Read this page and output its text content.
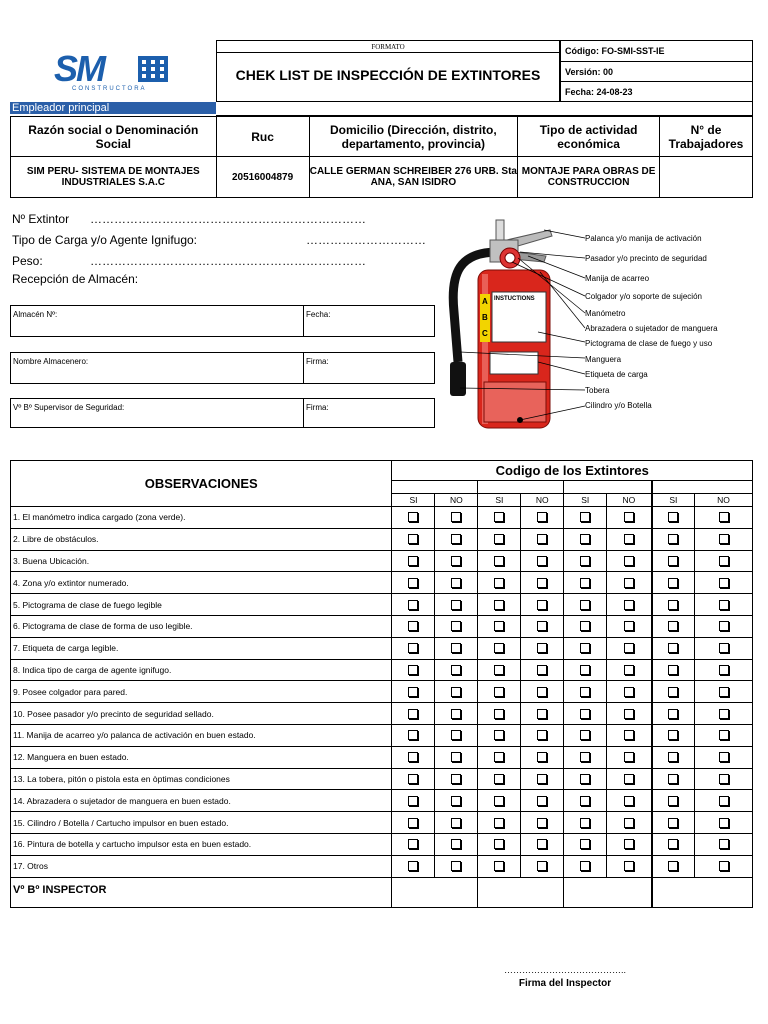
SM
CONSTRUCTORA
FORMATO
CHEK LIST DE INSPECCIÓN DE EXTINTORES
Código: FO-SMI-SST-IE
Versión: 00
Fecha: 24-08-23
Empleador principal
Razón social o Denominación Social	Ruc	Domicilio (Dirección, distrito, departamento, provincia)	Tipo de actividad económica	N° de Trabajadores
SIM PERU- SISTEMA DE MONTAJES INDUSTRIALES S.A.C	20516004879	CALLE GERMAN SCHREIBER 276 URB. Sta ANA, SAN ISIDRO	MONTAJE PARA OBRAS DE CONSTRUCCION	
Nº Extintor ……………………………………………………………
Tipo de Carga y/o Agente Ignifugo:	…………………………
Peso:	……………………………………………………………
Recepción de Almacén:
Almacén Nº:	Fecha:
Nombre Almacenero:	Firma:
Vº Bº Supervisor de Seguridad:	Firma:
INSTUCTIONS
A
B
C
Palanca y/o manija de activación
Pasador y/o precinto de seguridad
Manija de acarreo
Colgador y/o soporte de sujeción
Manómetro
Abrazadera o sujetador de manguera
Pictograma de clase de fuego y uso
Manguera
Etiqueta de carga
Tobera
Cilindro y/o Botella
OBSERVACIONES	Codigo de los Extintores							

	SI	NO	SI	NO	SI	NO	SI	NO
1. El manómetro indica cargado (zona verde).								
2. Libre de obstáculos.								
3. Buena Ubicación.								
4. Zona y/o extintor numerado.								
5. Pictograma de clase de fuego legible								
6. Pictograma de clase de forma de uso legible.								
7. Etiqueta de carga legible.								
8. Indica tipo de carga de agente ignifugo.								
9. Posee colgador para pared.								
10. Posee pasador y/o precinto de seguridad sellado.								
11. Manija de acarreo y/o palanca de activación en buen estado.								
12. Manguera en buen estado.								
13. La tobera, pitón o pistola esta en òptimas condiciones								
14. Abrazadera o sujetador de manguera en buen estado.								
15. Cilindro / Botella / Cartucho impulsor en buen estado.								
16. Pintura de botella y cartucho impulsor esta en buen estado.								
17. Otros								
Vº Bº INSPECTOR								
…………………………………..
Firma del Inspector
